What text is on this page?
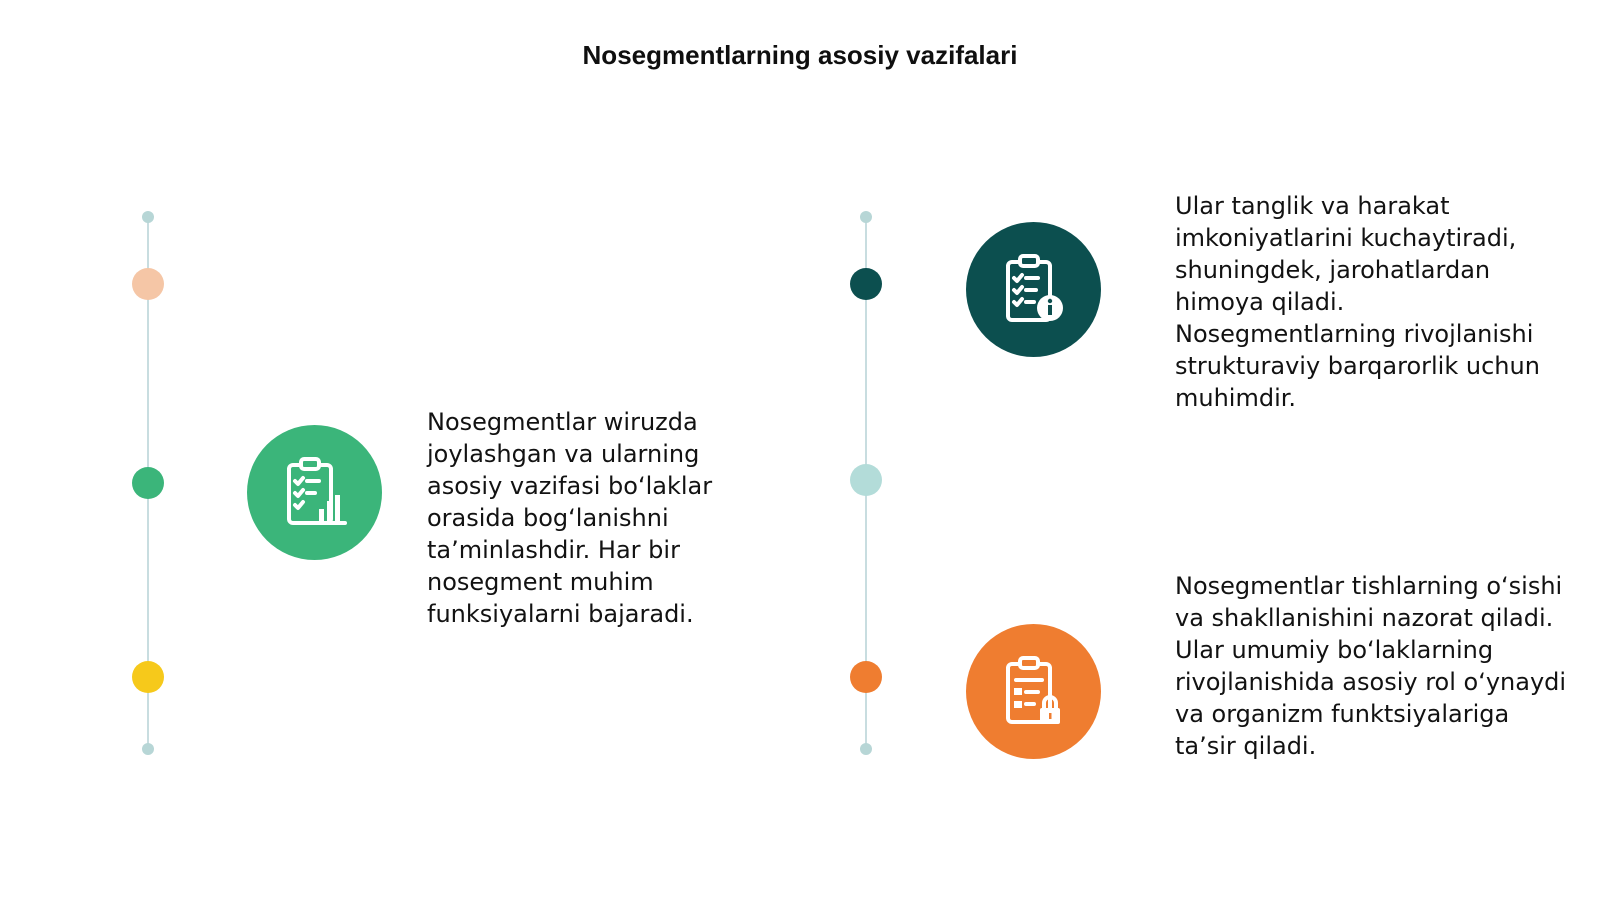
Nosegmentlarning asosiy vazifalari
Nosegmentlar wiruzda joylashgan va ularning asosiy vazifasi bo‘laklar orasida bog‘lanishni ta’minlashdir. Har bir nosegment muhim funksiyalarni bajaradi.
Ular tanglik va harakat imkoniyatlarini kuchaytiradi, shuningdek, jarohatlardan himoya qiladi. Nosegmentlarning rivojlanishi strukturaviy barqarorlik uchun muhimdir.
Nosegmentlar tishlarning o‘sishi va shakllanishini nazorat qiladi. Ular umumiy bo‘laklarning rivojlanishida asosiy rol o‘ynaydi va organizm funktsiyalariga ta’sir qiladi.
